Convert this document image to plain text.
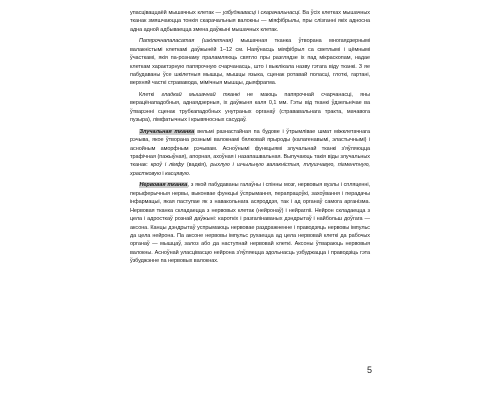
упасціваццаёй мышачных клетак — узбуджавасці і скарачальнасці. Ва ўсіх клетках мышачных тканак змяшчаюцца тонкія скарачальныя валокны — міяфібрылы, пры слізганні якіх адносна адна адной адбываецца змена даўжыні мышачных клетак.

Папярочнапаласатая (шкілетная) мышачная тканка ўтворана многаядзернымі валакністымі клеткамі даўжынёй 1–12 см. Наяўнасць міяфібрыл са светлымі і цёмнымі ўчасткамі, якія па-рознаму праламляюць святло пры разглядзе іх пад мікраскопам, надае клеткам характэрную папярочную счарчанасць, што і выклікала назву гэтага віду тканкі. З яе пабудаваны ўсе шкілетныя мышцы, мышцы языка, сценак ротавай поласці, глоткі, гартані, верхняй часткі стрававода, мімічныя мышцы, дыяфрагма.

Клеткі гладкай мышачнай тканкі не маюць папярочнай счарчанасці, яны верацёнападобныя, аднаядзерныя, іх даўжыня каля 0,1 мм. Гэты від тканкі ўдзельнічае ва ўтварэнні сценак трубкападобных унутраных органаў (стрававальнага тракта, мачавога пузыра), лімфатычных і крывяносных сасудаў.

Злучальная тканка вельмі разнастайная па будове і ўтрымлівае шмат міжклетачнага рэчыва, якое ўтворана рознымі валокнамі бялковай прыроды (калагенавымі, эластычнымі) і аснойным аморфным рэчывам. Асноўнымі функцыямі злучальнай тканкі з'яўляюцца трафічная (пажыўная), апорная, ахоўная і назапашвальная. Выпучаюць такія віды злучальных тканак: кроў і лімфу (вадкія), рыхлую і шчыльную валакністыя, тлушчавую, пігментную, храстковую і касцявую.

Нервовая тканка, з якой пабудаваны галаўны і спінны мозг, нервовыя вузлы і спляценні, перыферычныя нервы, выконвае функцыі ўспрымання, перапрацоўкі, захоўвання і перадачы інфармацыі, якая паступае як з навакольнага асяроддзя, так і ад органаў самога арганізма. Нервовая тканка складаецца з нервовых клетак (нейронаў) і нейрагліі. Нейрон складаецца з цела і адросткаў рознай даўжыні: кароткіх і разгалінаваных дэндрытаў і найбольш доўгага — аксона. Канцы дэндрытаў успрымаюць нервовае раздражненне і праводзяць нервовы імпульс да цела нейрона. Па аксоне нервовы імпульс рухаецца ад цела нервовай клеткі да рабочых органаў — мышцаў, залоз або да наступнай нервовай клеткі. Аксоны ўтвараюць нервовыя валокны. Асноўнай уласцівасцю нейрона з'яўляецца здольнасць узбуджацца і праводзіць гэта ўзбуджэнне па нервовых валокнах.

5
